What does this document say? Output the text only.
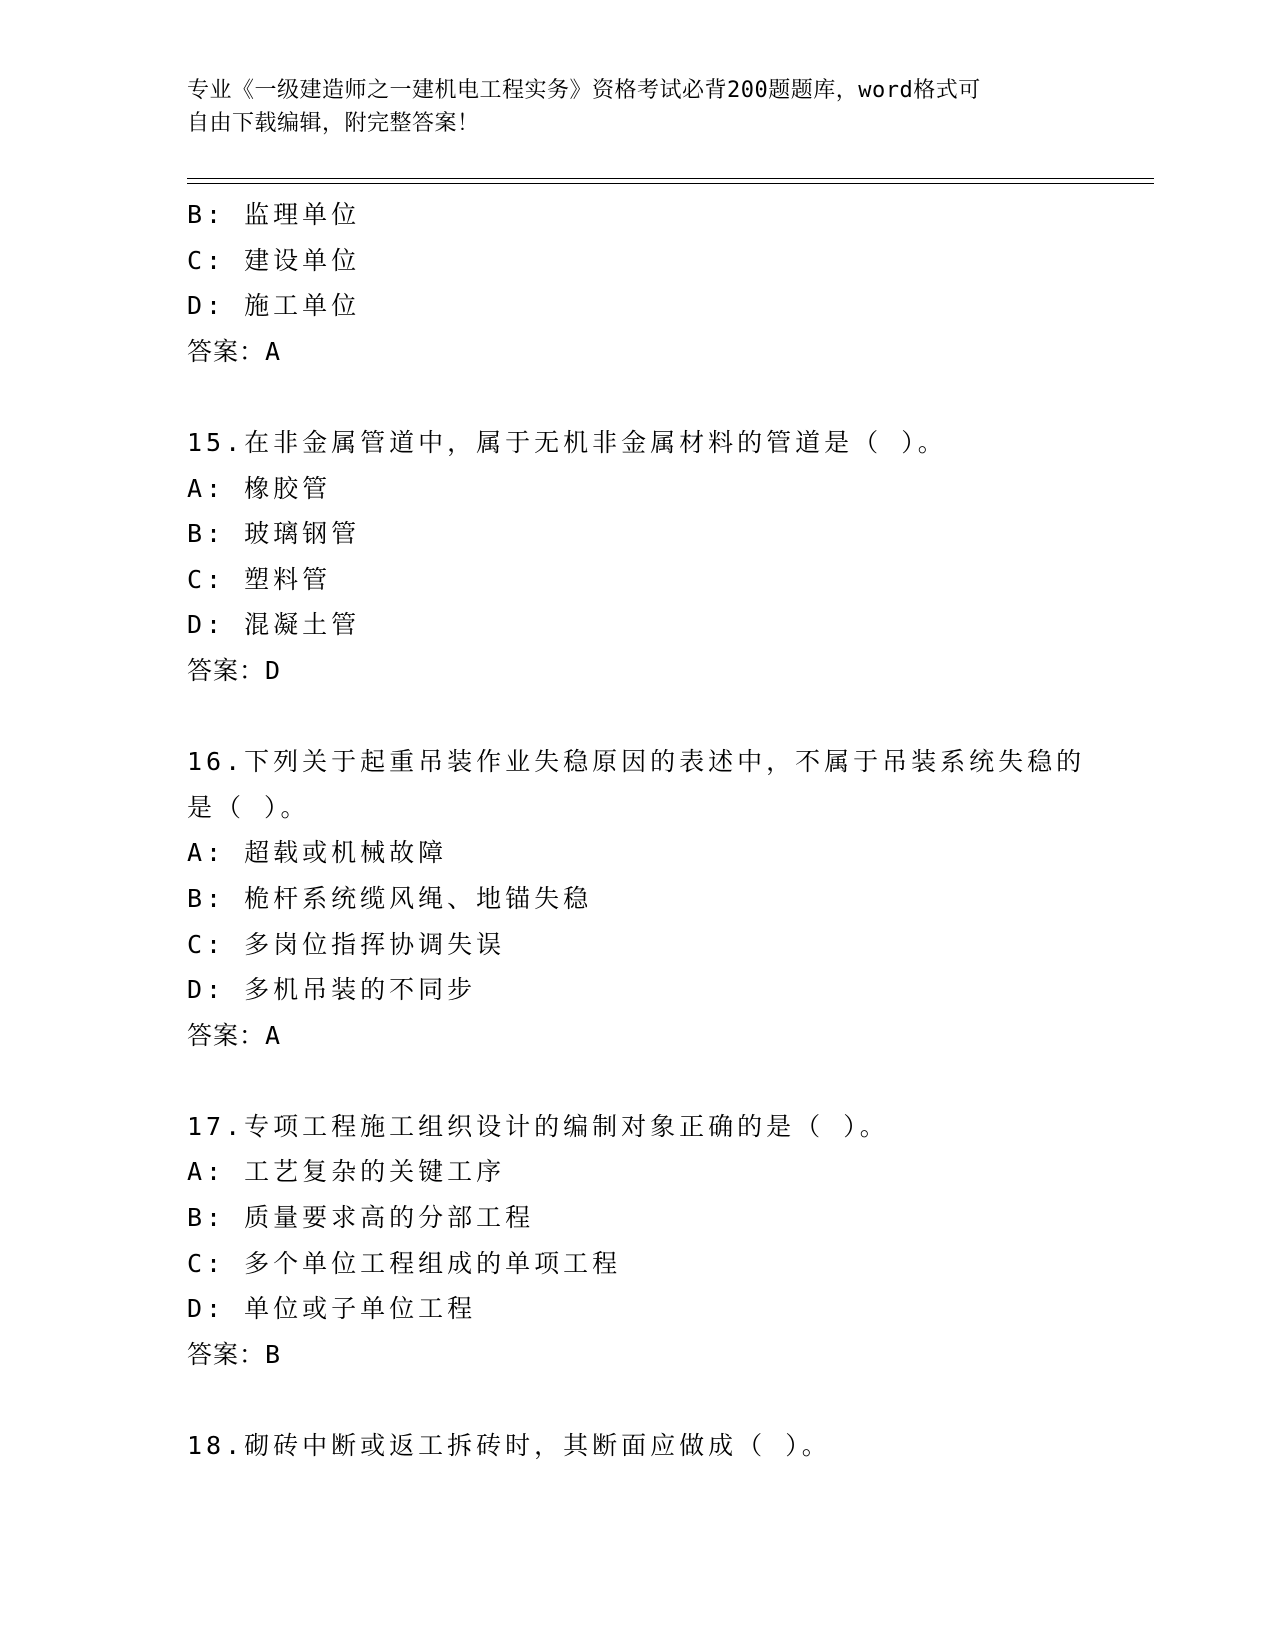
专业《一级建造师之一建机电工程实务》资格考试必背200题题库，word格式可
自由下载编辑，附完整答案！
B: 监理单位
C: 建设单位
D: 施工单位
答案：A
15.在非金属管道中，属于无机非金属材料的管道是（ ）。
A: 橡胶管
B: 玻璃钢管
C: 塑料管
D: 混凝土管
答案：D
16.下列关于起重吊装作业失稳原因的表述中，不属于吊装系统失稳的
是（ ）。
A: 超载或机械故障
B: 桅杆系统缆风绳、地锚失稳
C: 多岗位指挥协调失误
D: 多机吊装的不同步
答案：A
17.专项工程施工组织设计的编制对象正确的是（ ）。
A: 工艺复杂的关键工序
B: 质量要求高的分部工程
C: 多个单位工程组成的单项工程
D: 单位或子单位工程
答案：B
18.砌砖中断或返工拆砖时，其断面应做成（ ）。
